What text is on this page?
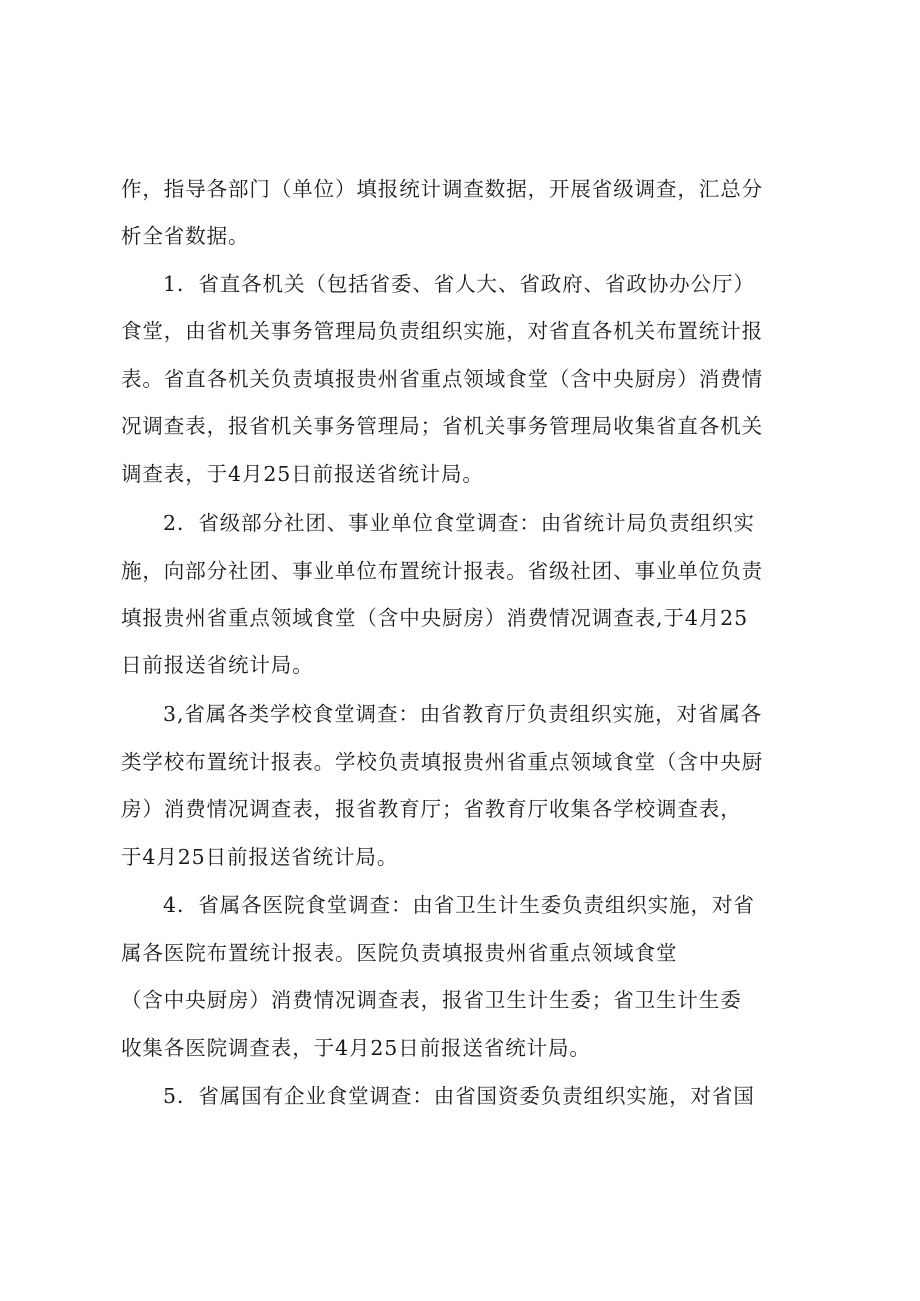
作，指导各部门（单位）填报统计调查数据，开展省级调查，汇总分
析全省数据。
1．省直各机关（包括省委、省人大、省政府、省政协办公厅）
食堂，由省机关事务管理局负责组织实施，对省直各机关布置统计报
表。省直各机关负责填报贵州省重点领域食堂（含中央厨房）消费情
况调查表，报省机关事务管理局；省机关事务管理局收集省直各机关
调查表，于4月25日前报送省统计局。
2．省级部分社团、事业单位食堂调查：由省统计局负责组织实
施，向部分社团、事业单位布置统计报表。省级社团、事业单位负责
填报贵州省重点领域食堂（含中央厨房）消费情况调查表,于4月25
日前报送省统计局。
3,省属各类学校食堂调查：由省教育厅负责组织实施，对省属各
类学校布置统计报表。学校负责填报贵州省重点领域食堂（含中央厨
房）消费情况调查表，报省教育厅；省教育厅收集各学校调查表，
于4月25日前报送省统计局。
4．省属各医院食堂调查：由省卫生计生委负责组织实施，对省
属各医院布置统计报表。医院负责填报贵州省重点领域食堂
（含中央厨房）消费情况调查表，报省卫生计生委；省卫生计生委
收集各医院调查表，于4月25日前报送省统计局。
5．省属国有企业食堂调查：由省国资委负责组织实施，对省国
